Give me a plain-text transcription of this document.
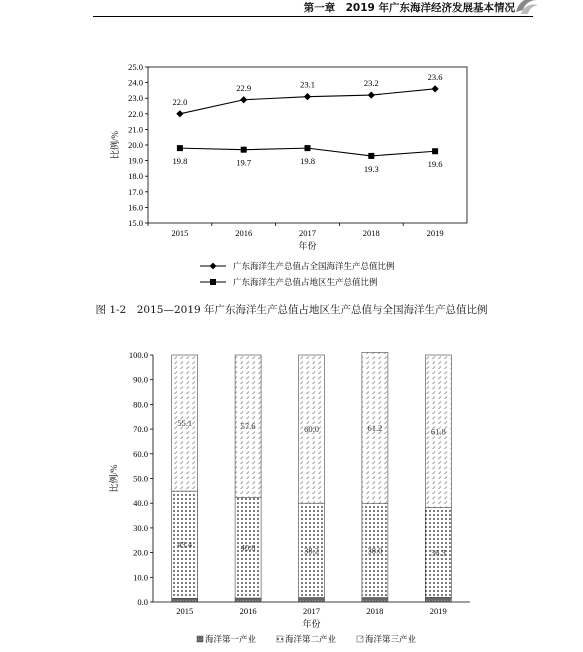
第一章  2019 年广东海洋经济发展基本情况
15.0
16.0
17.0
18.0
19.0
20.0
21.0
22.0
23.0
24.0
25.0
2015	2016	2017	2018	2019
年份
比例/%
22.0
22.9	23.1	23.2
23.6
19.8	19.7	19.8
19.3	19.6
广东海洋生产总值占全国海洋生产总值比例
广东海洋生产总值占地区生产总值比例
图 1-2　2015—2019 年广东海洋生产总值占地区生产总值与全国海洋生产总值比例
0.0
10.0
20.0
30.0
40.0
50.0
60.0
70.0
80.0
90.0
100.0
2015
43.4
55.1
2016
40.8
57.6
2017
38.2
60.0
2018
38.0
61.2
2019
36.3
61.8
年份
比例/%
海洋第一产业	海洋第二产业	海洋第三产业
